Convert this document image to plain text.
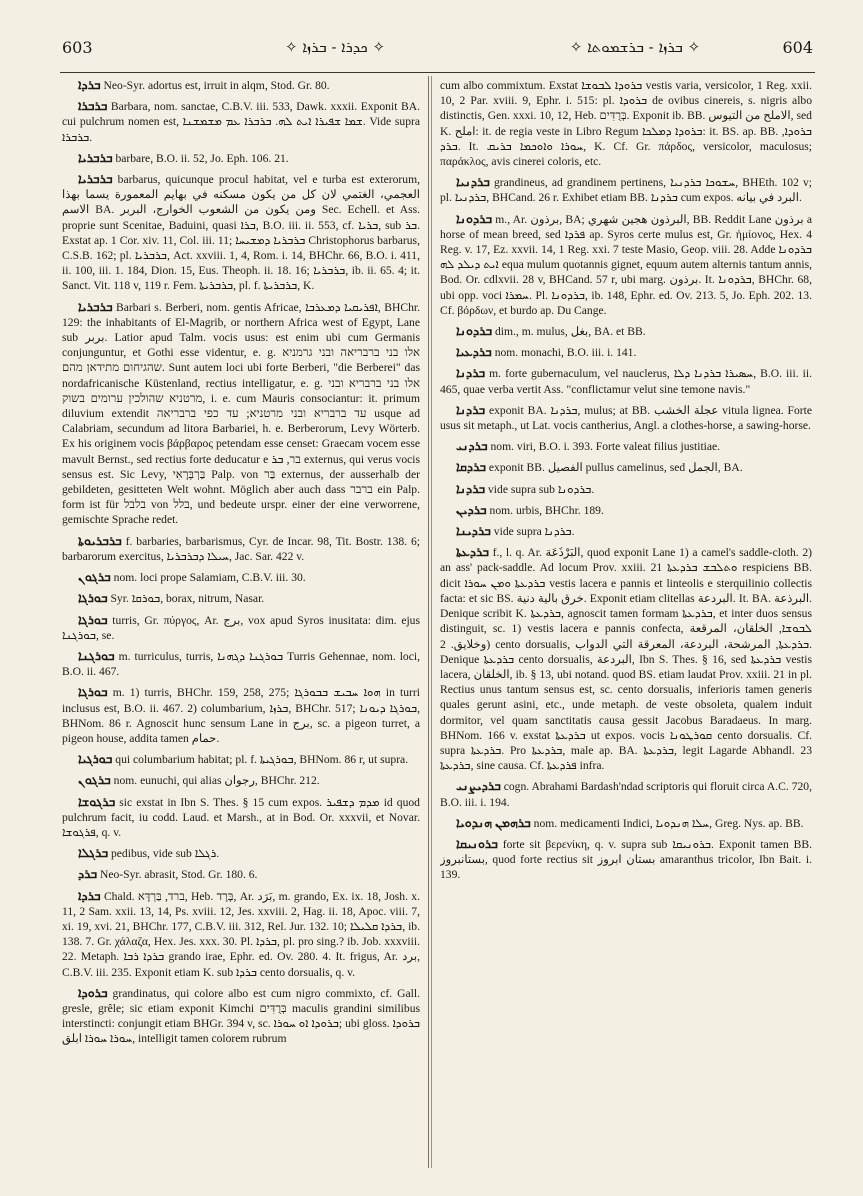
603	✧ ܟܕܪܐ - ܒܪܙܐ ✧	✧ ܒܪܙܐ - ܒܪܫܡܘܬܐ ✧	604

ܒܪܕܐ Neo-Syr. adortus est, irruit in alqm, Stod. Gr. 80.

ܒܪܒܪܐ Barbara, nom. sanctae, C.B.V. iii. 533, Dawk. xxxii. Exponit BA. cui pulchrum nomen est, ܫܡܐ ܫܦܝܪܐ ܐܝܬ ܠܗ. ܒܪܒܪܐ ܥܡ ܡܫܡܫܢܐ. Vide supra ܒܪܒܪܐ.

ܒܪܒܪܝܐ barbare, B.O. ii. 52, Jo. Eph. 106. 21.

ܒܪܒܪܝܐ barbarus, quicunque procul habitat, vel e turba est exterorum, العجمي، الغتمي لان كل من يكون مسكنه في بهايم المعمورة يسما بهذا الاسم BA. ومن يكون من الشعوب الخوارج، البربر Sec. Echell. et Ass. proprie sunt Scenitae, Baduini, quasi ܒܪܐ, B.O. iii. ii. 553, cf. ܒܪܝܐ, sub ܒܪ. Exstat ap. 1 Cor. xiv. 11, Col. iii. 11; ܒܪܒܪܝܐ ܕܡܫܝܚܐ Christophorus barbarus, C.S.B. 162; pl. ܒܪܒܪܝܐ, Act. xxviii. 1, 4, Rom. i. 14, BHChr. 66, B.O. i. 411, ii. 100, iii. 1. 184, Dion. 15, Eus. Theoph. ii. 18. 16; ܒܪܒܪܝܐ, ib. ii. 65. 4; it. Sanct. Vit. 118 v, 119 r. Fem. ܒܪܒܪܝܬܐ, pl. f. ܒܪܒܪܝܬܐ, K.

ܒܪܒܪܝܐ Barbari s. Berberi, nom. gentis Africae, ܐܦܪܝܩܝܐ ܕܡܥܪܒܐ, BHChr. 129: the inhabitants of El-Magrib, or northern Africa west of Egypt, Lane sub بربر. Latior apud Talm. vocis usus: est enim ubi cum Germanis conjunguntur, et Gothi esse videntur, e. g. אלו בני ברבריאה ובני גרמניא שהגיחום מתידאן מהם. Sunt autem loci ubi forte Berberi, "die Berberei" das nordafricanische Küstenland, rectius intelligatur, e. g. אלו בני ברבריא ובני מרטניא שהולכין ערומים בשוק, i. e. cum Mauris consociantur: it. primum diluvium extendit עד ברבריא ובני מרטניא; עד כפי ברבריאה usque ad Calabriam, secundum ad litora Barbariei, h. e. Berberorum, Levy Wörterb. Ex his originem vocis βάρβαρος petendam esse censet: Graecam vocem esse mavult Bernst., sed rectius forte deducatur e בר, ܒܪ externus, qui verus vocis sensus est. Sic Levy, בַּרְבְּרָאִי Palp. von בַּר externus, der ausserhalb der gebildeten, gesitteten Welt wohnt. Möglich aber auch dass ברבר ein Palp. form ist für בלבל von בלל, und bedeute urspr. einer der eine verworrene, gemischte Sprache redet.

ܒܪܒܪܝܘܬܐ f. barbaries, barbarismus, Cyr. de Incar. 98, Tit. Bostr. 138. 6; barbarorum exercitus, ܚܝܠܐ ܕܒܪܒܪܝܐ, Jac. Sar. 422 v.

ܒܪܓܘܢ nom. loci prope Salamiam, C.B.V. iii. 30.

ܒܘܪܓܐ Syr. ܒܘܪܩܐ, borax, nitrum, Nasar.

ܒܘܪܓܐ turris, Gr. πύργος, Ar. برج, vox apud Syros inusitata: dim. ejus ܒܘܪܓܢܐ, se.

ܒܘܪܓܢܐ m. turriculus, turris, ܒܘܪܓܢܐ ܕܓܗܢܐ Turris Gehennae, nom. loci, B.O. ii. 467.

ܒܘܪܓܐ m. 1) turris, BHChr. 159, 258, 275; ܗܘܐ ܚܒܝܫ ܒܒܘܪܓܐ in turri inclusus est, B.O. ii. 467. 2) columbarium, ܒܪܙܐ, BHChr. 517; ܒܘܪܓܐ ܕܝܘܢܐ, BHNom. 86 r. Agnoscit hunc sensum Lane in برج, sc. a pigeon turret, a pigeon house, addita tamen حمام.

ܒܘܪܓܝܐ qui columbarium habitat; pl. f. ܒܘܪܓܝܬܐ, BHNom. 86 r, ut supra.

ܒܪܓܘܢ nom. eunuchi, qui alias رجوان, BHChr. 212.

ܒܪܓܘܫܐ sic exstat in Ibn S. Thes. § 15 cum expos. ܡܕܡ ܕܫܦܝܪ id quod pulchrum facit, iu codd. Laud. et Marsh., at in Bod. Or. xxxvii, et Novar. ܦܪܓܘܫܐ, q. v.

ܒܪܓܠܐ pedibus, vide sub ܪܓܠܐ.

ܒܪܕ Neo-Syr. abrasit, Stod. Gr. 180. 6.

ܒܪܕܐ Chald. ברד, בַּרְדָּא, Heb. בָּרָד, Ar. بَرَد, m. grando, Ex. ix. 18, Josh. x. 11, 2 Sam. xxii. 13, 14, Ps. xviii. 12, Jes. xxviii. 2, Hag. ii. 18, Apoc. viii. 7, xi. 19, xvi. 21, BHChr. 177, C.B.V. iii. 312, Rel. Jur. 132. 10; ܒܪܕܐ ܩܠܝܠܐ, ib. 138. 7. Gr. χάλαζα, Hex. Jes. xxx. 30. Pl. ܒܪܕܐ, pl. pro sing.? ib. Job. xxxviii. 22. Metaph. ܒܪܕܐ ܪܒܐ grando irae, Ephr. ed. Ov. 280. 4. It. frigus, Ar. برد, C.B.V. iii. 235. Exponit etiam K. sub ܒܪܕܐ cento dorsualis, q. v.

ܒܪܘܕܐ grandinatus, qui colore albo est cum nigro commixto, cf. Gall. gresle, grêle; sic etiam exponit Kimchi בְּרֻדִּים maculis grandini similibus interstincti: conjungit etiam BHGr. 394 v, sc. ܒܪܘܕܐ ܐܘ ܚܘܪܐ; ubi gloss. ܒܪܘܕܐ ܚܘܪܐ ܚܘܪܐ ابلق, intelligit tamen colorem rubrum

cum albo commixtum. Exstat ܒܪܘܕܐ ܠܒܘܫܐ vestis varia, versicolor, 1 Reg. xxii. 10, 2 Par. xviii. 9, Ephr. i. 515: pl. ܒܪܘܕܐ de ovibus cinereis, s. nigris albo distinctis, Gen. xxxi. 10, 12, Heb. בְּרֻדִּים. Exponit ib. BB. الاملح من التيوس, sed K. املح: it. de regia veste in Libro Regum ܒܪܘܕܐ ܕܡܠܟܐ: it. BS. ap. BB. ܒܪܘܕܐ, ܒܪܕ. It. ܚܘܪܐ ܘܐܘܟܡܐ ܒܪܝܩ, K. Cf. Gr. πάρδος, versicolor, maculosus; παράκλος, avis cinerei coloris, etc.

ܒܪܕܢܝܐ grandineus, ad grandinem pertinens, ܚܫܘܟܐ ܒܪܕܢܝܐ, BHEth. 102 v; pl. ܒܪܕܢܝܐ, BHCand. 26 r. Exhibet etiam BB. ܒܪܕܢܐ cum expos. البرد في بيانه.

ܒܪܕܘܢܐ m., Ar. برذون, BA; البرذون هجين شهري, BB. Reddit Lane برذون a horse of mean breed, sed ܦܪܕܐ ap. Syros certe mulus est, Gr. ἡμίονος, Hex. 4 Reg. v. 17, Ez. xxvii. 14, 1 Reg. xxi. 7 teste Masio, Geop. viii. 28. Adde ܒܪܕܘܢܐ ܐܝܬ ܕܝܠܕ ܠܗ equa mulum quotannis gignet, equum autem alternis tantum annis, Bod. Or. cdlxvii. 28 v, BHCand. 57 r, ubi marg. برذون. It. ܒܪܕܘܢܐ, BHChr. 68, ubi opp. voci ܚܡܪܐ. Pl. ܒܪܕܘܢܐ, ib. 148, Ephr. ed. Ov. 213. 5, Jo. Eph. 202. 13. Cf. βόρδων, et burdo ap. Du Cange.

ܒܪܕܘܢܐ dim., m. mulus, بغل, BA. et BB.

ܒܪܕܥܝܐ nom. monachi, B.O. iii. i. 141.

ܒܪܕܢܐ m. forte gubernaculum, vel nauclerus, ܚܣܝܪܐ ܒܪܕܢܐ ܕܠܐ, B.O. iii. ii. 465, quae verba vertit Ass. "conflictamur velut sine temone navis."

ܒܪܕܢܐ exponit BA. ܒܪܕܢܐ, mulus; at BB. عجلة الخشب vitula lignea. Forte usus sit metaph., ut Lat. vocis cantherius, Angl. a clothes-horse, a sawing-horse.

ܒܪܕܢܝ nom. viri, B.O. i. 393. Forte valeat filius justitiae.

ܒܪܕܩܐ exponit BB. الفصيل pullus camelinus, sed الجمل, BA.

ܒܪܕܢܐ vide supra sub ܒܪܕܘܢܐ.

ܒܪܕܝܢ nom. urbis, BHChr. 189.

ܒܪܕܝܢܐ vide supra ܒܪܕܢܐ.

ܒܪܕܥܬܐ f., l. q. Ar. البَرْذَعَة, quod exponit Lane 1) a camel's saddle-cloth. 2) an ass' pack-saddle. Ad locum Prov. xxiii. 21 ܘܬܠܒܫ ܒܪܕܥܬܐ respiciens BB. dicit ܒܪܕܥܬܐ ܘܡܢ ܚܘܪܐ vestis lacera e pannis et linteolis e sterquilinio collectis facta: et sic BS. خرق بالية دنية. Exponit etiam clitellas البردعة. It. BA. البرذعة. Denique scribit K. ܒܪܕܥܬܐ, agnoscit tamen formam ܒܪܕܥܬܐ, et inter duos sensus distinguit, sc. 1) vestis lacera e pannis confecta, ܠܒܘܫܐ, الخلقان، المرقعة وخلايق. 2) cento dorsualis, ܒܪܕܥܬܐ, المرشحة، البردعة، المعرقة التي الدواب. Denique ܒܪܕܥܬܐ cento dorsualis, البردعة, Ibn S. Thes. § 16, sed ܒܪܕܥܬܐ vestis lacera, الخلقان, ib. § 13, ubi notand. quod BS. etiam laudat Prov. xxiii. 21 in pl. Rectius unus tantum sensus est, sc. cento dorsualis, inferioris tamen generis quales gerunt asini, etc., unde metaph. de veste obsoleta, qualem induit dormitor, vel quam sanctitatis causa gessit Jacobus Baradaeus. In marg. BHNom. 166 v. exstat ܒܪܕܥܬܐ ut expos. vocis ܩܘܪܛܘܢܐ cento dorsualis. Cf. supra ܒܪܕܥܬܐ. Pro ܒܪܕܥܬܐ, male ap. BA. ܒܪܕܥܬܐ, legit Lagarde Abhandl. 23 ܒܪܕܥܬܐ, sine causa. Cf. ܦܪܕܥܬܐ infra.

ܒܪܕܝܨܢܝ cogn. Abrahami Bardash'ndad scriptoris qui floruit circa A.C. 720, B.O. iii. i. 194.

ܒܪܗܡܢ ܗܢܕܘܝܐ nom. medicamenti Indici, ܚܠܐ ܗܢܕܘܝܐ, Greg. Nys. ap. BB.

ܒܪܘܢܝܩܐ forte sit βερενίκη, q. v. supra sub ܒܪܘܢܝܩܐ. Exponit tamen BB. بستانبروز, quod forte rectius sit بستان ابروز amaranthus tricolor, Ibn Bait. i. 139.
